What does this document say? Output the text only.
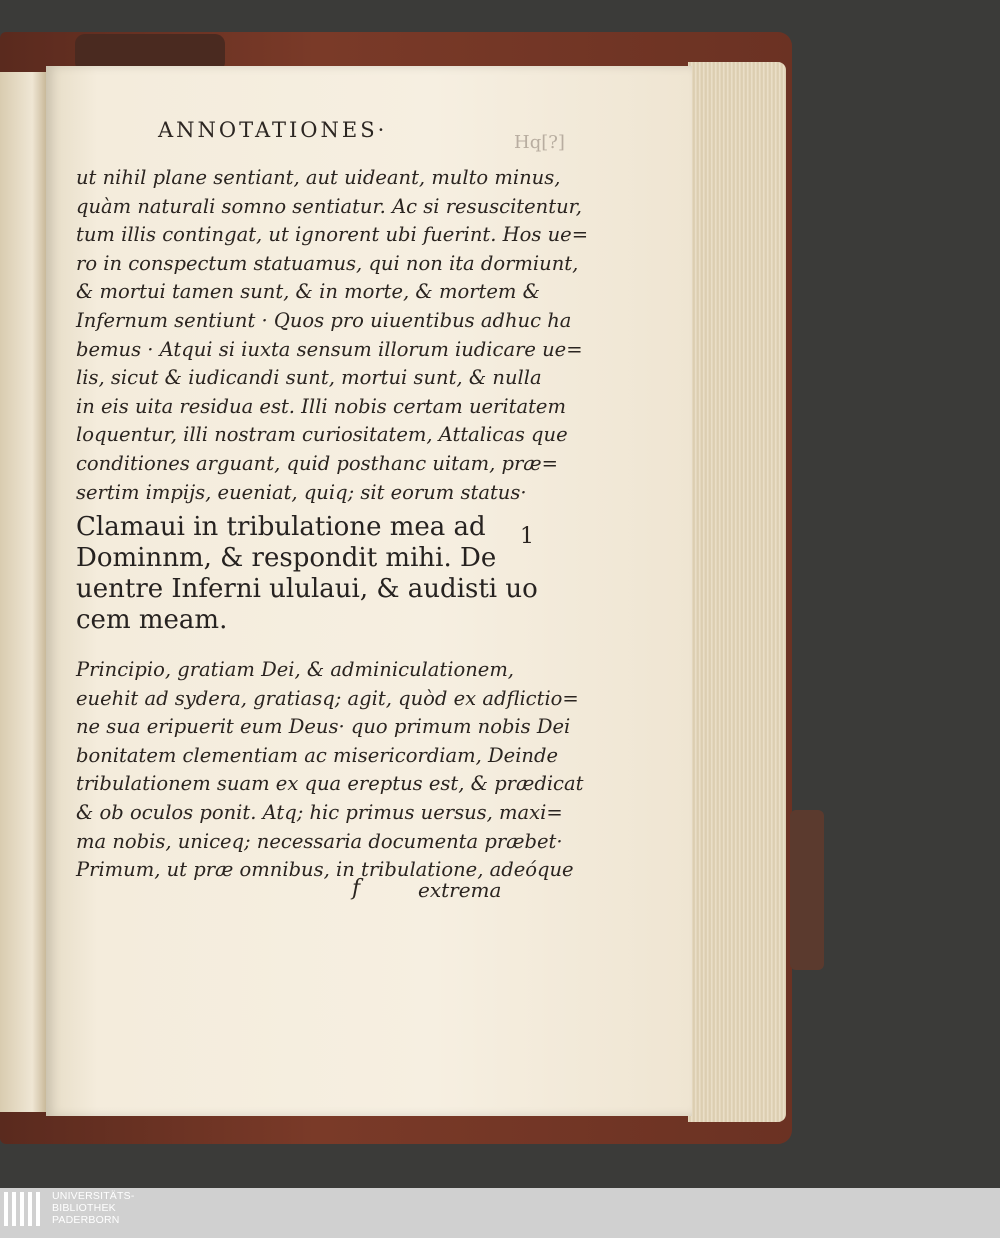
ANNOTATIONES·
Hq[?]
ut nihil plane sentiant, aut uideant, multo minus,
quàm naturali somno sentiatur. Ac si resuscitentur,
tum illis contingat, ut ignorent ubi fuerint. Hos ue=
ro in conspectum statuamus, qui non ita dormiunt,
& mortui tamen sunt, & in morte, & mortem &
Infernum sentiunt · Quos pro uiuentibus adhuc ha
bemus · Atqui si iuxta sensum illorum iudicare ue=
lis, sicut & iudicandi sunt, mortui sunt, & nulla
in eis uita residua est. Illi nobis certam ueritatem
loquentur, illi nostram curiositatem, Attalicas que
conditiones arguant, quid posthanc uitam, præ=
sertim impijs, eueniat, quiq; sit eorum status·
Clamaui in tribulatione mea ad
Dominnm, & respondit mihi. De
uentre Inferni ululaui, & audisti uo
cem meam.
1
Principio, gratiam Dei, & adminiculationem,
euehit ad sydera, gratiasq; agit, quòd ex adflictio=
ne sua eripuerit eum Deus· quo primum nobis Dei
bonitatem clementiam ac misericordiam, Deinde
tribulationem suam ex qua ereptus est, & prædicat
& ob oculos ponit. Atq; hic primus uersus, maxi=
ma nobis, uniceq; necessaria documenta præbet·
Primum, ut præ omnibus, in tribulatione, adeóque
f	extrema
UNIVERSITÄTS-
BIBLIOTHEK
PADERBORN
